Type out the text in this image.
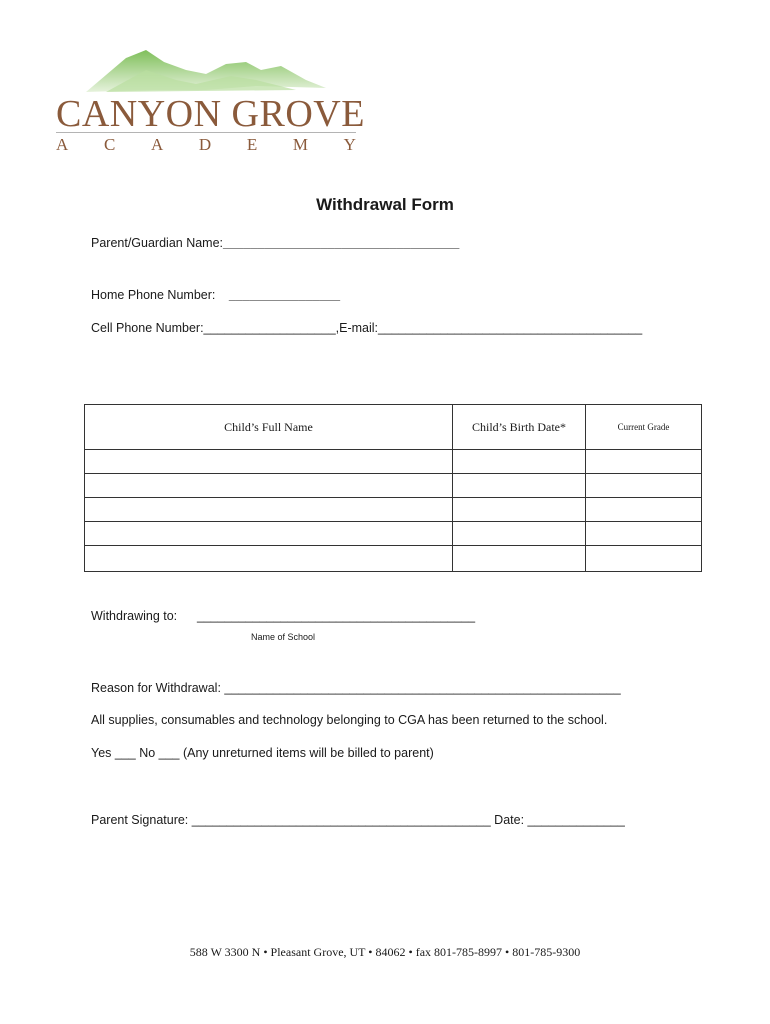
CANYON GROVE
A C A D E M Y
Withdrawal Form
Parent/Guardian Name:__________________________________
Home Phone Number: ________________
Cell Phone Number:___________________,E-mail:______________________________________
Child’s Full Name	Child’s Birth Date*	Current Grade

Withdrawing to: ________________________________________
Name of School
Reason for Withdrawal: _________________________________________________________
All supplies, consumables and technology belonging to CGA has been returned to the school.
Yes ___ No ___ (Any unreturned items will be billed to parent)
Parent Signature: ___________________________________________ Date: ______________
588 W 3300 N • Pleasant Grove, UT • 84062 • fax 801-785-8997 • 801-785-9300
